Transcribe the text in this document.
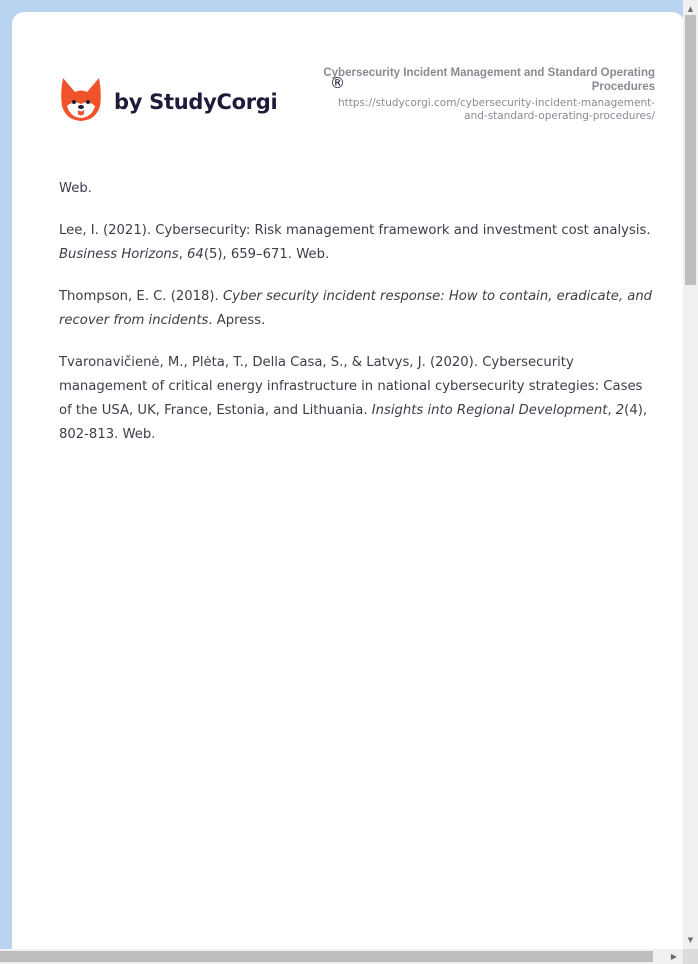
by StudyCorgi
®
Cybersecurity Incident Management and Standard Operating Procedures
https://studycorgi.com/cybersecurity-incident-management-
and-standard-operating-procedures/

Web.

Lee, I. (2021). Cybersecurity: Risk management framework and investment cost analysis. Business Horizons, 64(5), 659–671. Web.

Thompson, E. C. (2018). Cyber security incident response: How to contain, eradicate, and recover from incidents. Apress.

Tvaronavičienė, M., Plėta, T., Della Casa, S., & Latvys, J. (2020). Cybersecurity management of critical energy infrastructure in national cybersecurity strategies: Cases of the USA, UK, France, Estonia, and Lithuania. Insights into Regional Development, 2(4), 802-813. Web.

▲
▼
▶
